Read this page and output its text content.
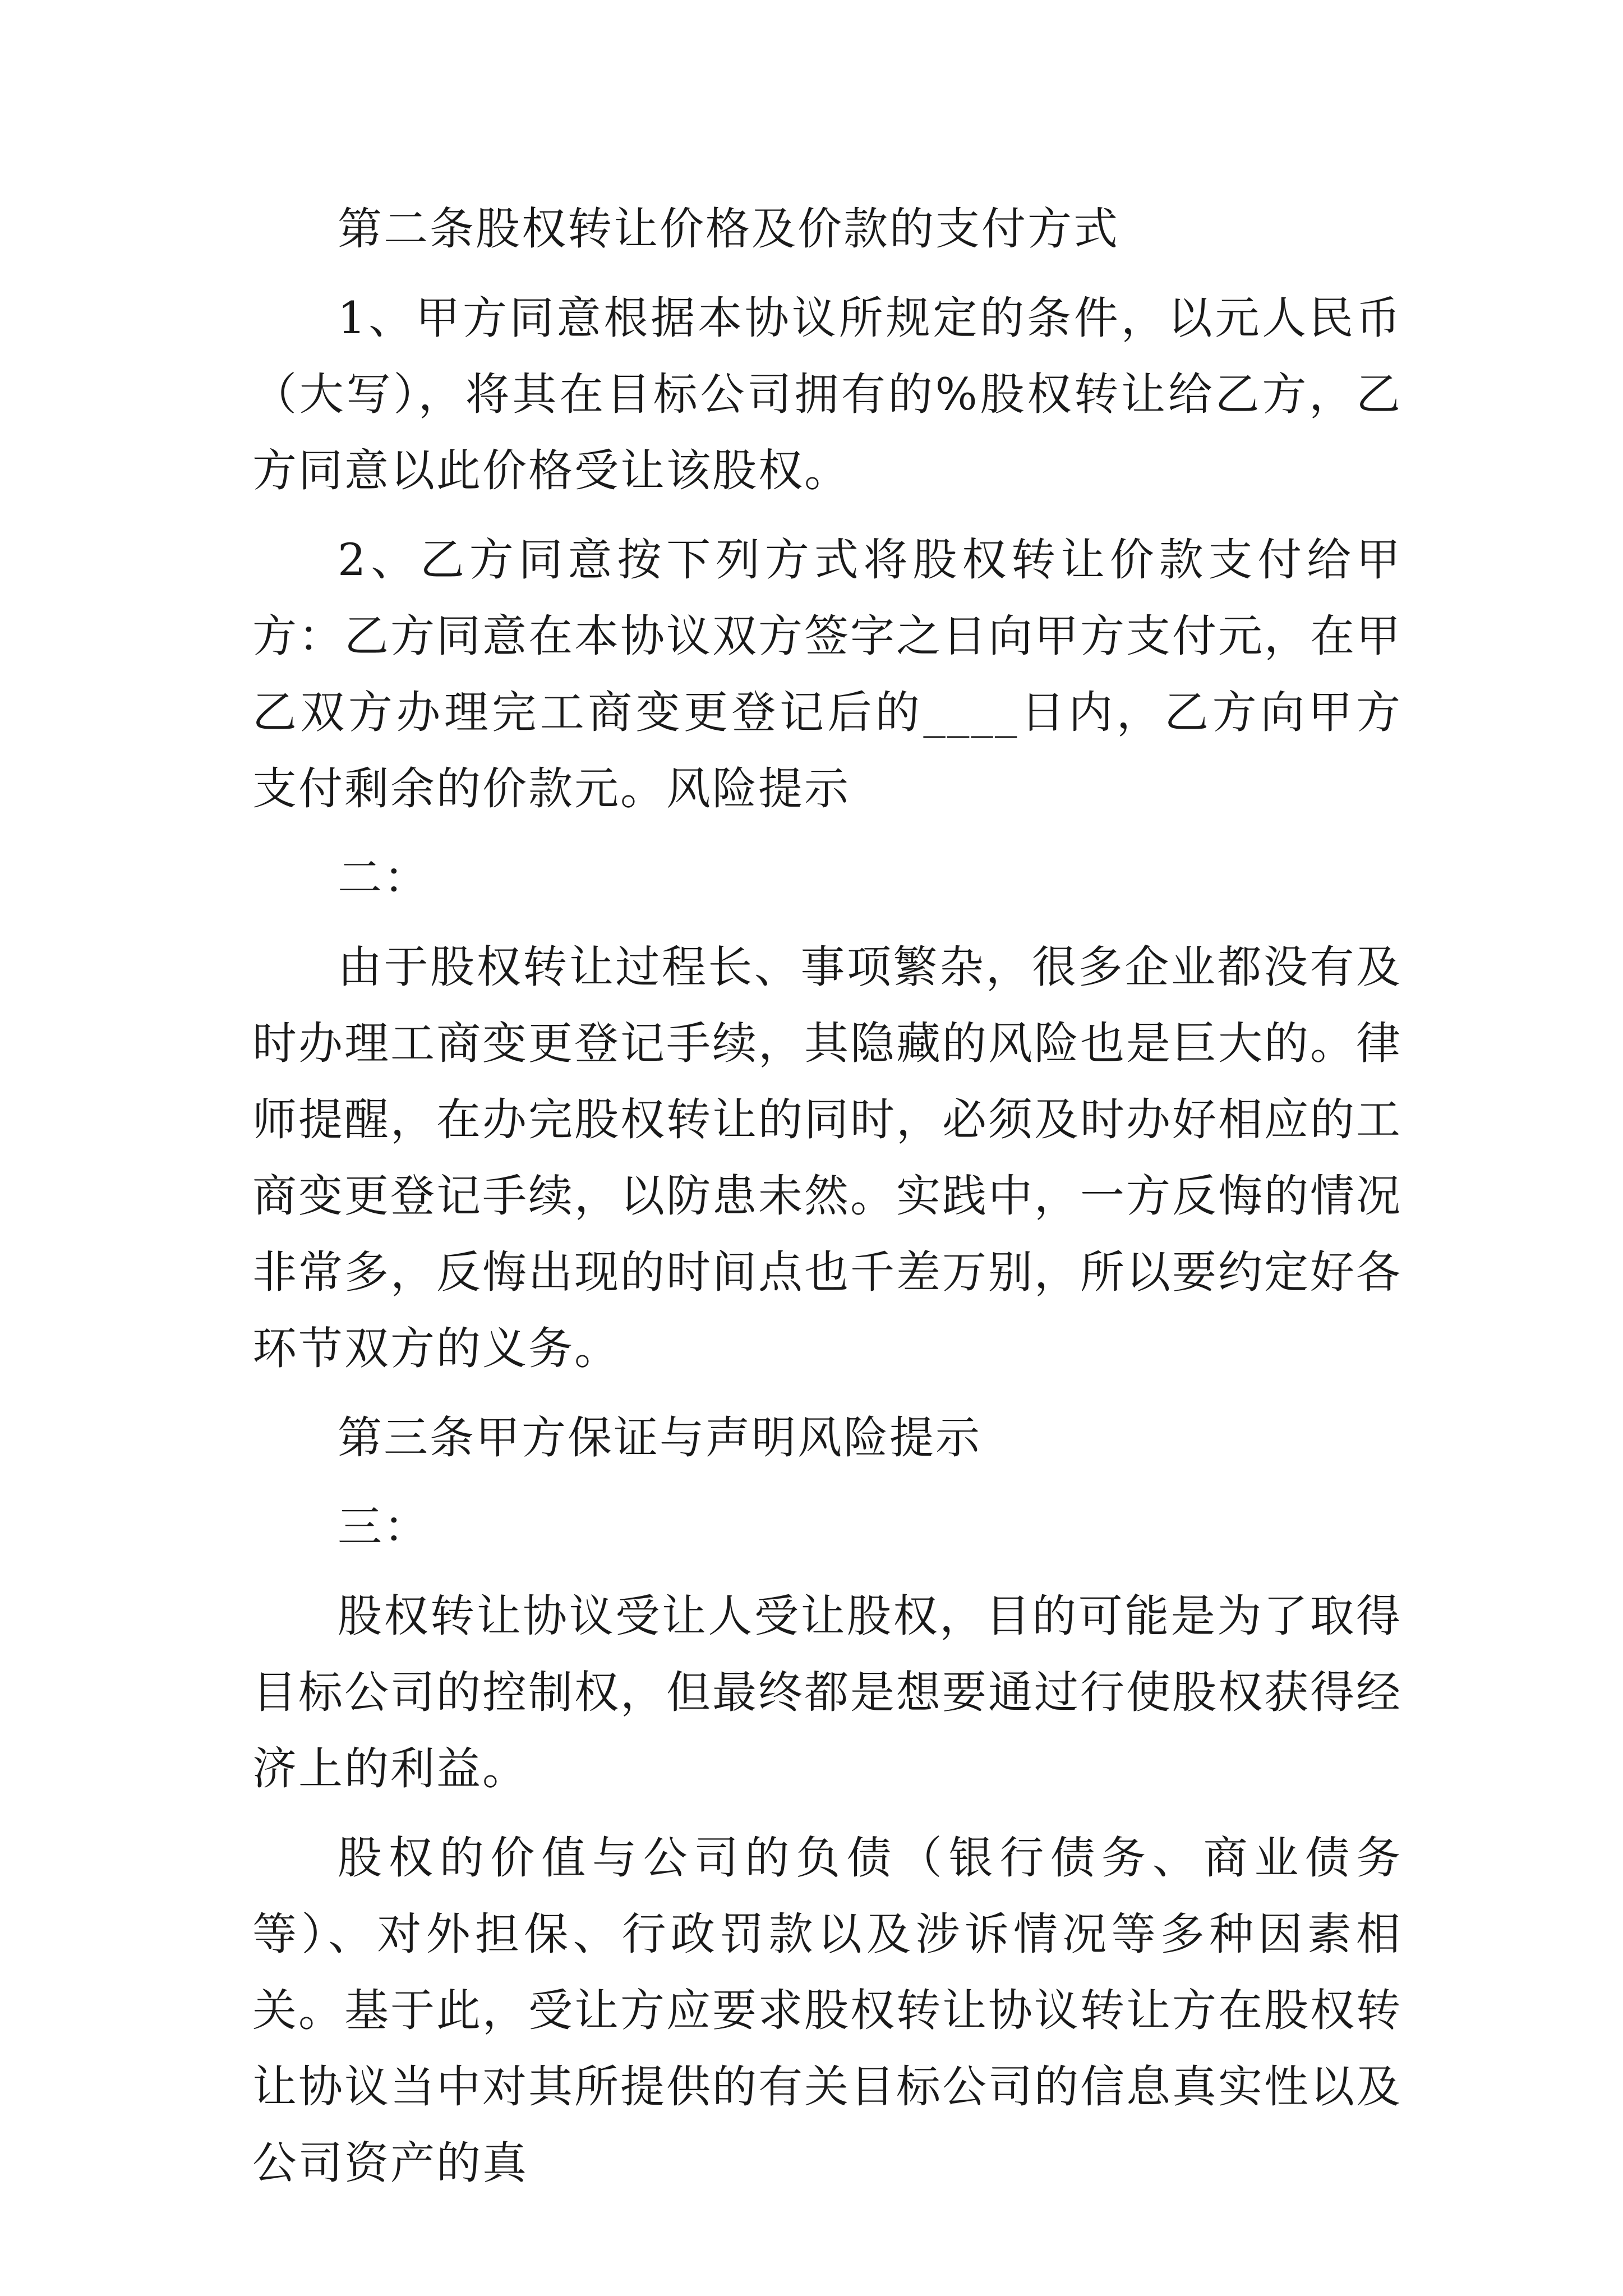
第二条股权转让价格及价款的支付方式

1、甲方同意根据本协议所规定的条件，以元人民币（大写），将其在目标公司拥有的%股权转让给乙方，乙方同意以此价格受让该股权。

2、乙方同意按下列方式将股权转让价款支付给甲方：乙方同意在本协议双方签字之日向甲方支付元，在甲乙双方办理完工商变更登记后的____日内，乙方向甲方支付剩余的价款元。风险提示

二：

由于股权转让过程长、事项繁杂，很多企业都没有及时办理工商变更登记手续，其隐藏的风险也是巨大的。律师提醒，在办完股权转让的同时，必须及时办好相应的工商变更登记手续，以防患未然。实践中，一方反悔的情况非常多，反悔出现的时间点也千差万别，所以要约定好各环节双方的义务。

第三条甲方保证与声明风险提示

三：

股权转让协议受让人受让股权，目的可能是为了取得目标公司的控制权，但最终都是想要通过行使股权获得经济上的利益。

股权的价值与公司的负债（银行债务、商业债务等）、对外担保、行政罚款以及涉诉情况等多种因素相关。基于此，受让方应要求股权转让协议转让方在股权转让协议当中对其所提供的有关目标公司的信息真实性以及公司资产的真
